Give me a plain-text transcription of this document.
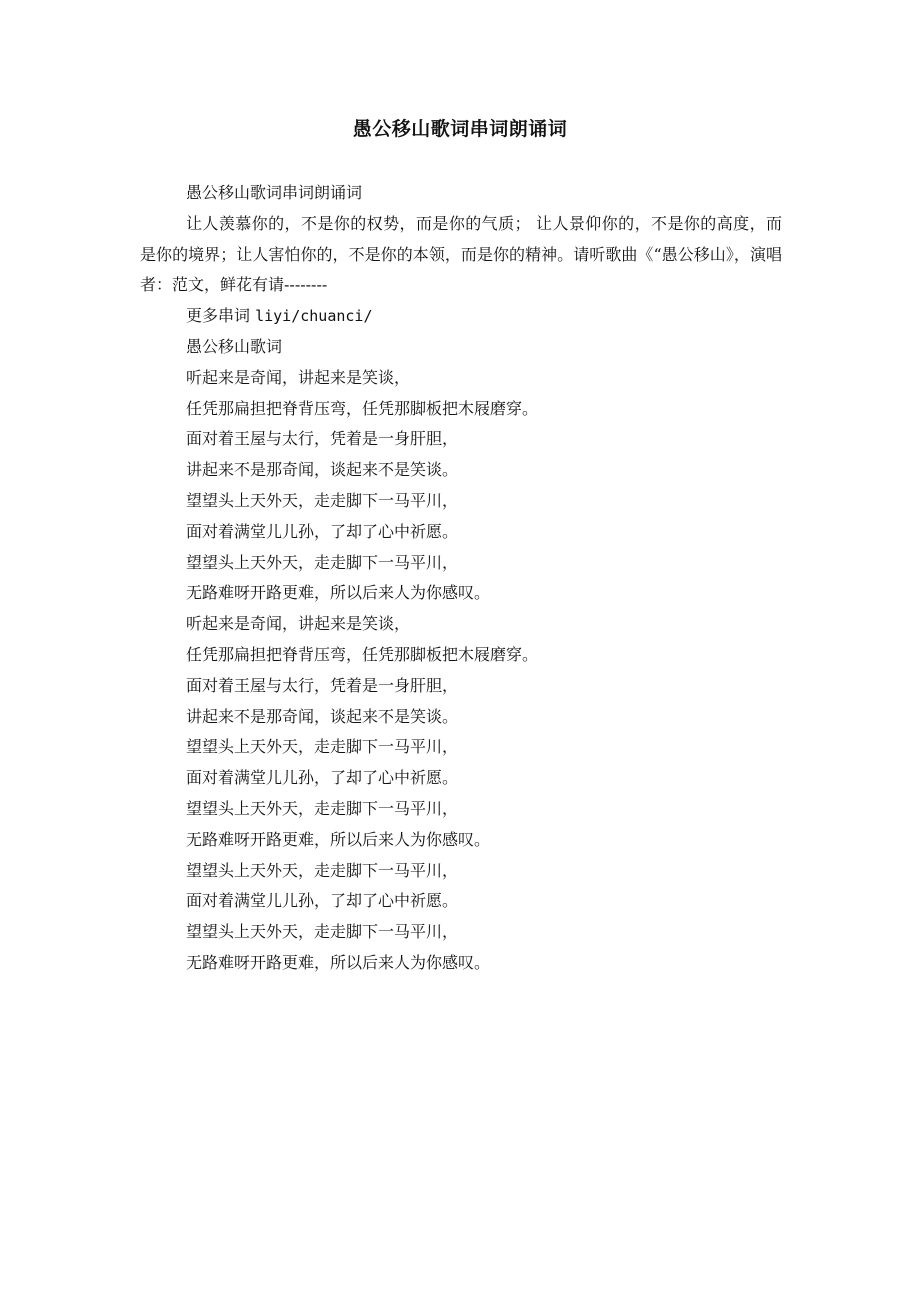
愚公移山歌词串词朗诵词

愚公移山歌词串词朗诵词

让人羡慕你的，不是你的权势，而是你的气质； 让人景仰你的，不是你的高度，而是你的境界；让人害怕你的，不是你的本领，而是你的精神。请听歌曲《“愚公移山》，演唱者：范文，鲜花有请--------

更多串词 liyi/chuanci/

愚公移山歌词

听起来是奇闻，讲起来是笑谈，

任凭那扁担把脊背压弯，任凭那脚板把木屐磨穿。

面对着王屋与太行，凭着是一身肝胆，

讲起来不是那奇闻，谈起来不是笑谈。

望望头上天外天，走走脚下一马平川，

面对着满堂儿儿孙，了却了心中祈愿。

望望头上天外天，走走脚下一马平川，

无路难呀开路更难，所以后来人为你感叹。

听起来是奇闻，讲起来是笑谈，

任凭那扁担把脊背压弯，任凭那脚板把木屐磨穿。

面对着王屋与太行，凭着是一身肝胆，

讲起来不是那奇闻，谈起来不是笑谈。

望望头上天外天，走走脚下一马平川，

面对着满堂儿儿孙，了却了心中祈愿。

望望头上天外天，走走脚下一马平川，

无路难呀开路更难，所以后来人为你感叹。

望望头上天外天，走走脚下一马平川，

面对着满堂儿儿孙，了却了心中祈愿。

望望头上天外天，走走脚下一马平川，

无路难呀开路更难，所以后来人为你感叹。
